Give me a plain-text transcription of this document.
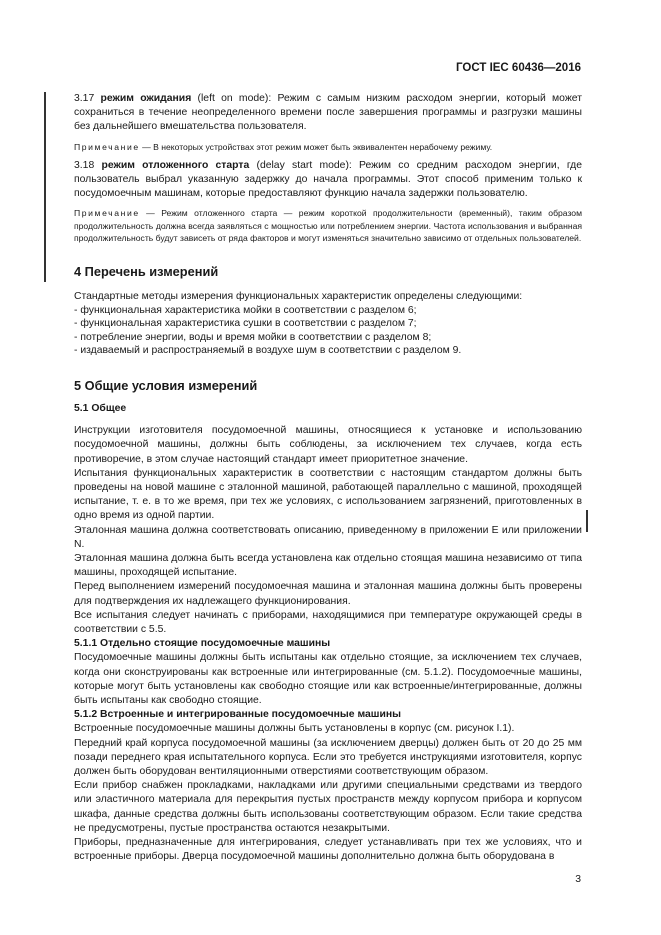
ГОСТ IEC 60436—2016

3.17 режим ожидания (left on mode): Режим с самым низким расходом энергии, который может сохраниться в течение неопределенного времени после завершения программы и разгрузки машины без дальнейшего вмешательства пользователя.

Примечание — В некоторых устройствах этот режим может быть эквивалентен нерабочему режиму.

3.18 режим отложенного старта (delay start mode): Режим со средним расходом энергии, где пользователь выбрал указанную задержку до начала программы. Этот способ применим только к посудомоечным машинам, которые предоставляют функцию начала задержки пользователю.

Примечание — Режим отложенного старта — режим короткой продолжительности (временный), таким образом продолжительность должна всегда заявляться с мощностью или потреблением энергии. Частота использования и выбранная продолжительность будут зависеть от ряда факторов и могут изменяться значительно зависимо от отдельных пользователей.

4 Перечень измерений

Стандартные методы измерения функциональных характеристик определены следующими:

- функциональная характеристика мойки в соответствии с разделом 6;

- функциональная характеристика сушки в соответствии с разделом 7;

- потребление энергии, воды и время мойки в соответствии с разделом 8;

- издаваемый и распространяемый в воздухе шум в соответствии с разделом 9.

5 Общие условия измерений
5.1 Общее

Инструкции изготовителя посудомоечной машины, относящиеся к установке и использованию посудомоечной машины, должны быть соблюдены, за исключением тех случаев, когда есть противоречие, в этом случае настоящий стандарт имеет приоритетное значение.

Испытания функциональных характеристик в соответствии с настоящим стандартом должны быть проведены на новой машине с эталонной машиной, работающей параллельно с машиной, проходящей испытание, т. е. в то же время, при тех же условиях, с использованием загрязнений, приготовленных в одно время из одной партии.

Эталонная машина должна соответствовать описанию, приведенному в приложении E или приложении N.

Эталонная машина должна быть всегда установлена как отдельно стоящая машина независимо от типа машины, проходящей испытание.

Перед выполнением измерений посудомоечная машина и эталонная машина должны быть проверены для подтверждения их надлежащего функционирования.

Все испытания следует начинать с приборами, находящимися при температуре окружающей среды в соответствии с 5.5.

5.1.1 Отдельно стоящие посудомоечные машины

Посудомоечные машины должны быть испытаны как отдельно стоящие, за исключением тех случаев, когда они сконструированы как встроенные или интегрированные (см. 5.1.2). Посудомоечные машины, которые могут быть установлены как свободно стоящие или как встроенные/интегрированные, должны быть испытаны как свободно стоящие.

5.1.2 Встроенные и интегрированные посудомоечные машины

Встроенные посудомоечные машины должны быть установлены в корпус (см. рисунок I.1).

Передний край корпуса посудомоечной машины (за исключением дверцы) должен быть от 20 до 25 мм позади переднего края испытательного корпуса. Если это требуется инструкциями изготовителя, корпус должен быть оборудован вентиляционными отверстиями соответствующим образом.

Если прибор снабжен прокладками, накладками или другими специальными средствами из твердого или эластичного материала для перекрытия пустых пространств между корпусом прибора и корпусом шкафа, данные средства должны быть использованы соответствующим образом. Если такие средства не предусмотрены, пустые пространства остаются незакрытыми.

Приборы, предназначенные для интегрирования, следует устанавливать при тех же условиях, что и встроенные приборы. Дверца посудомоечной машины дополнительно должна быть оборудована в

3
